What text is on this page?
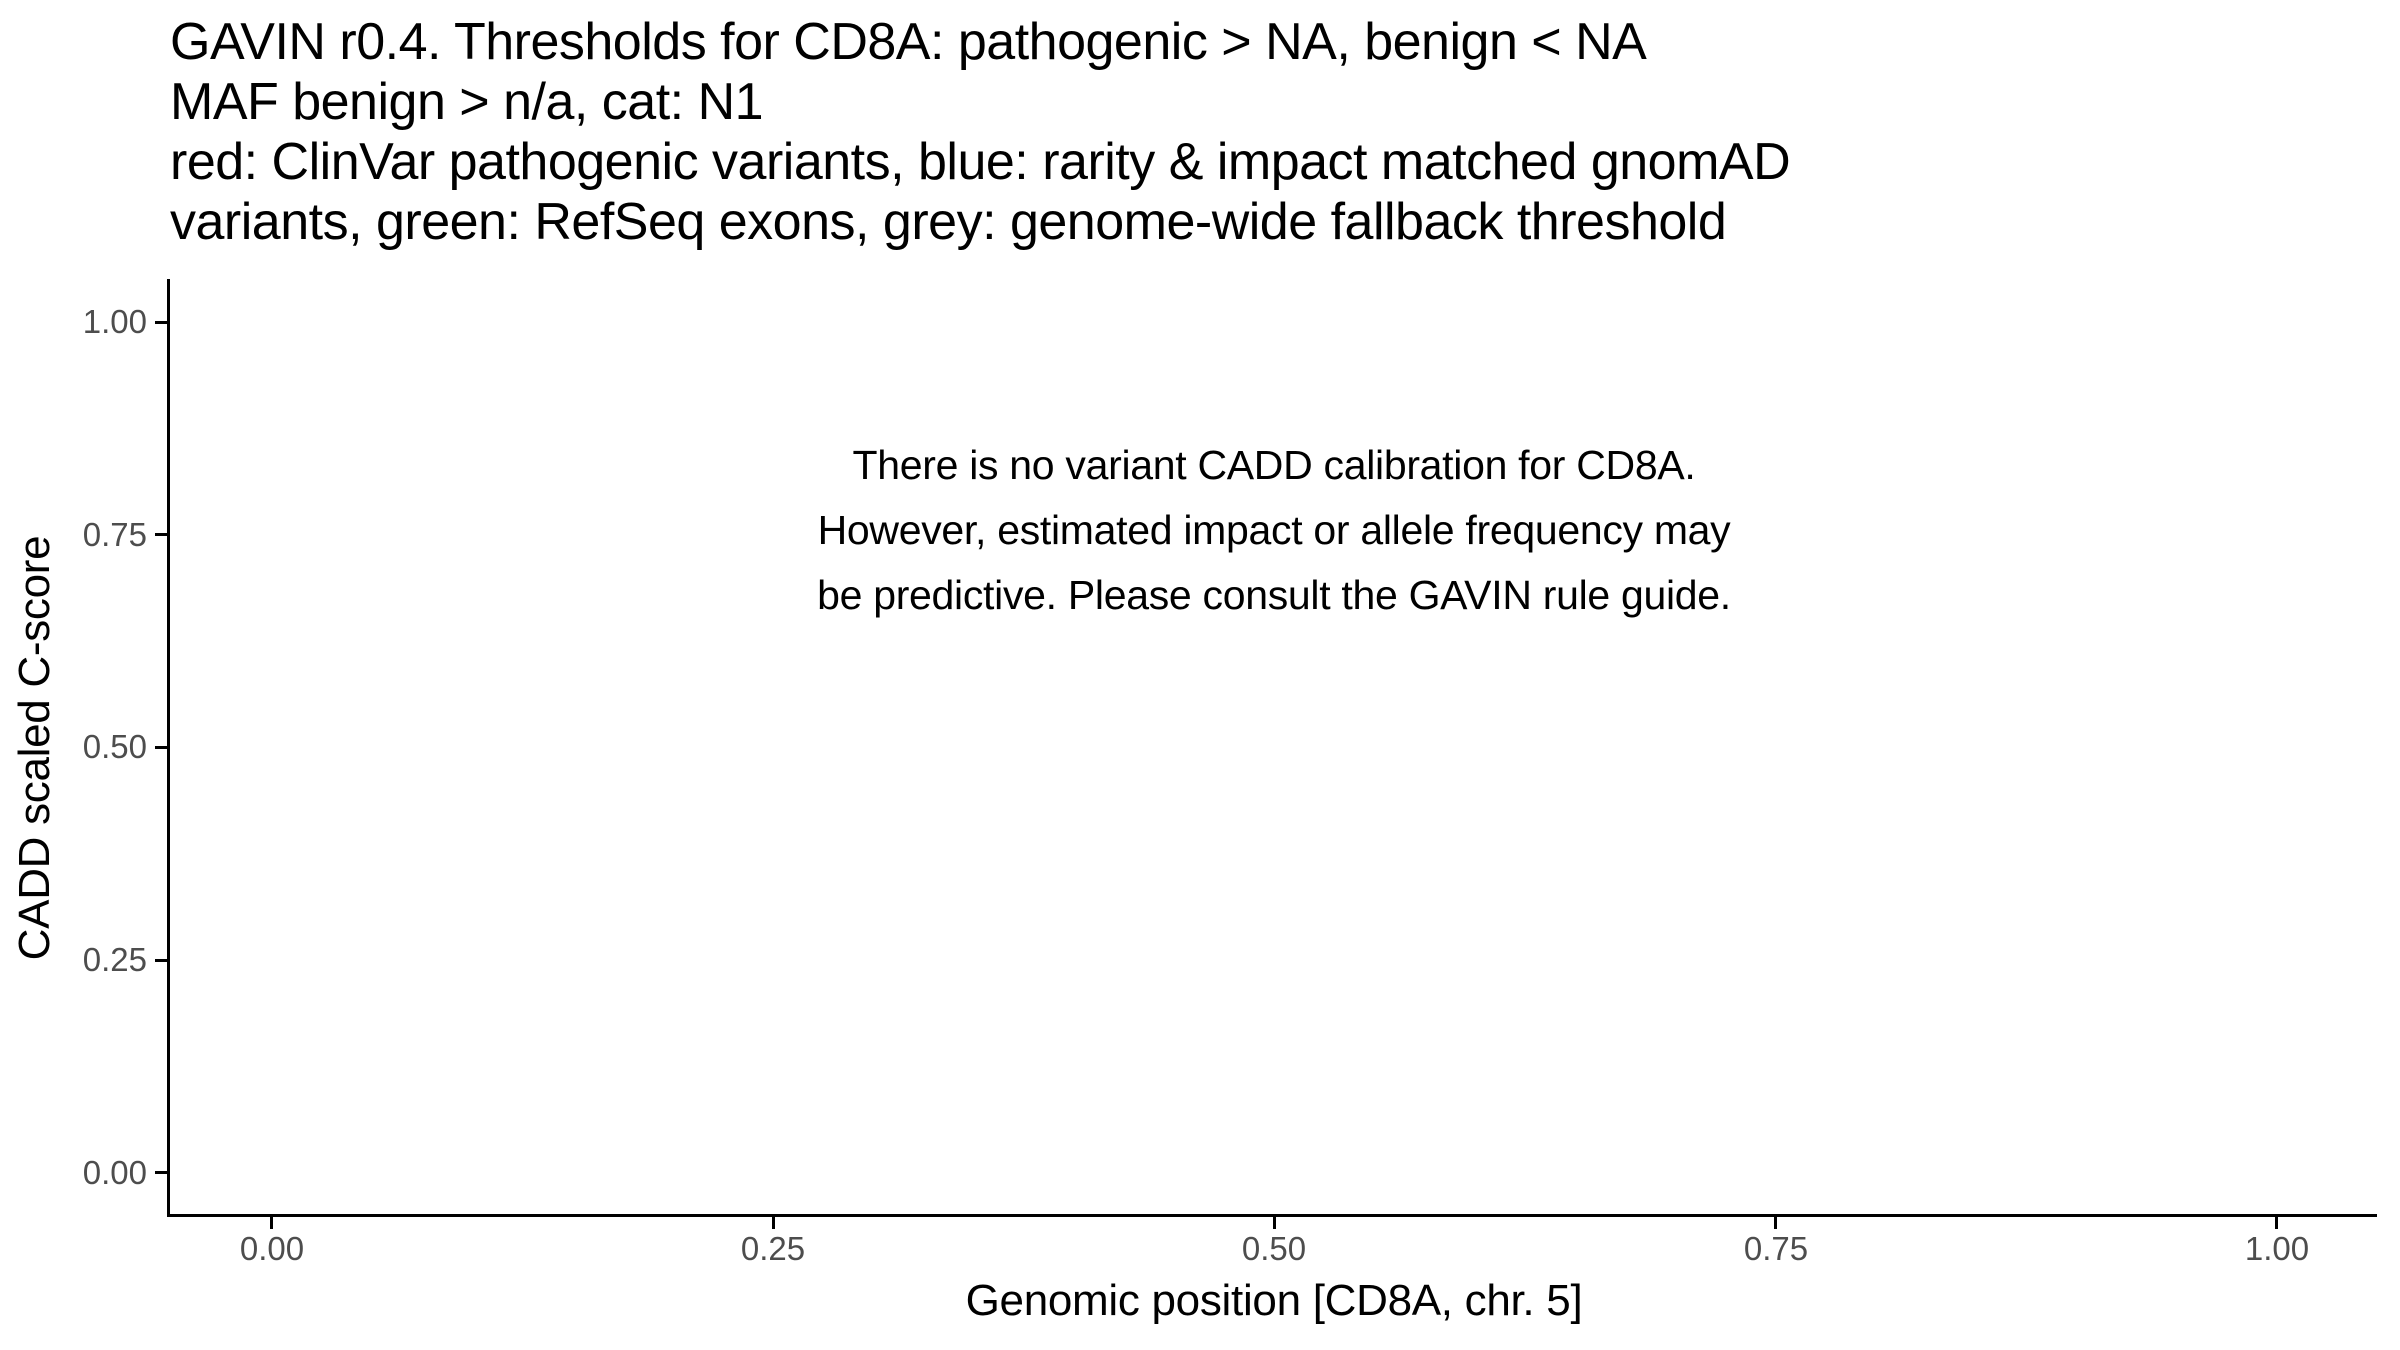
GAVIN r0.4. Thresholds for CD8A: pathogenic > NA, benign < NA
MAF benign > n/a, cat: N1
red: ClinVar pathogenic variants, blue: rarity & impact matched gnomAD
variants, green: RefSeq exons, grey: genome-wide fallback threshold
There is no variant CADD calibration for CD8A.
However, estimated impact or allele frequency may
be predictive. Please consult the GAVIN rule guide.
1.00
0.75
0.50
0.25
0.00
0.00	0.25	0.50	0.75	1.00
Genomic position [CD8A, chr. 5]
CADD scaled C-score
